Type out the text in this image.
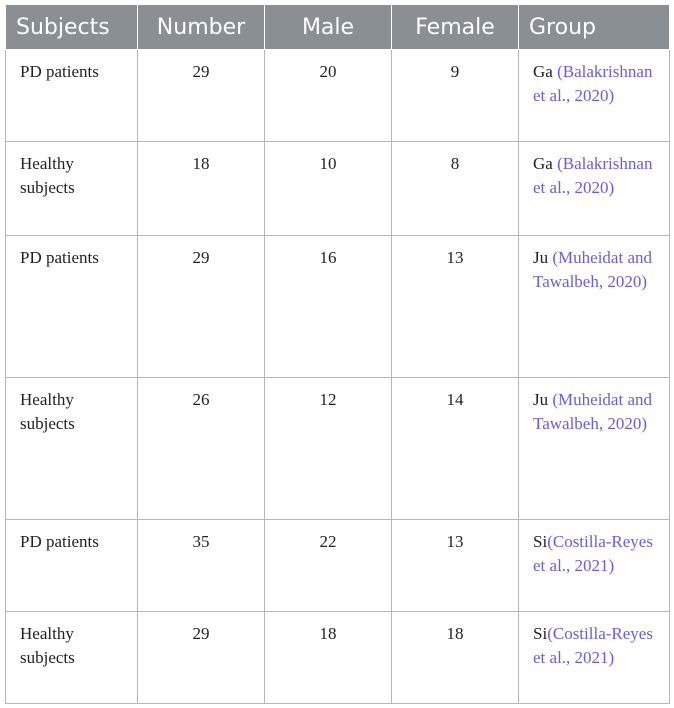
Subjects	Number	Male	Female	Group
PD patients	29	20	9	Ga (Balakrishnan et al., 2020)
Healthy subjects	18	10	8	Ga (Balakrishnan et al., 2020)
PD patients	29	16	13	Ju (Muheidat and Tawalbeh, 2020)
Healthy subjects	26	12	14	Ju (Muheidat and Tawalbeh, 2020)
PD patients	35	22	13	Si(Costilla-Reyes et al., 2021)
Healthy subjects	29	18	18	Si(Costilla-Reyes et al., 2021)
